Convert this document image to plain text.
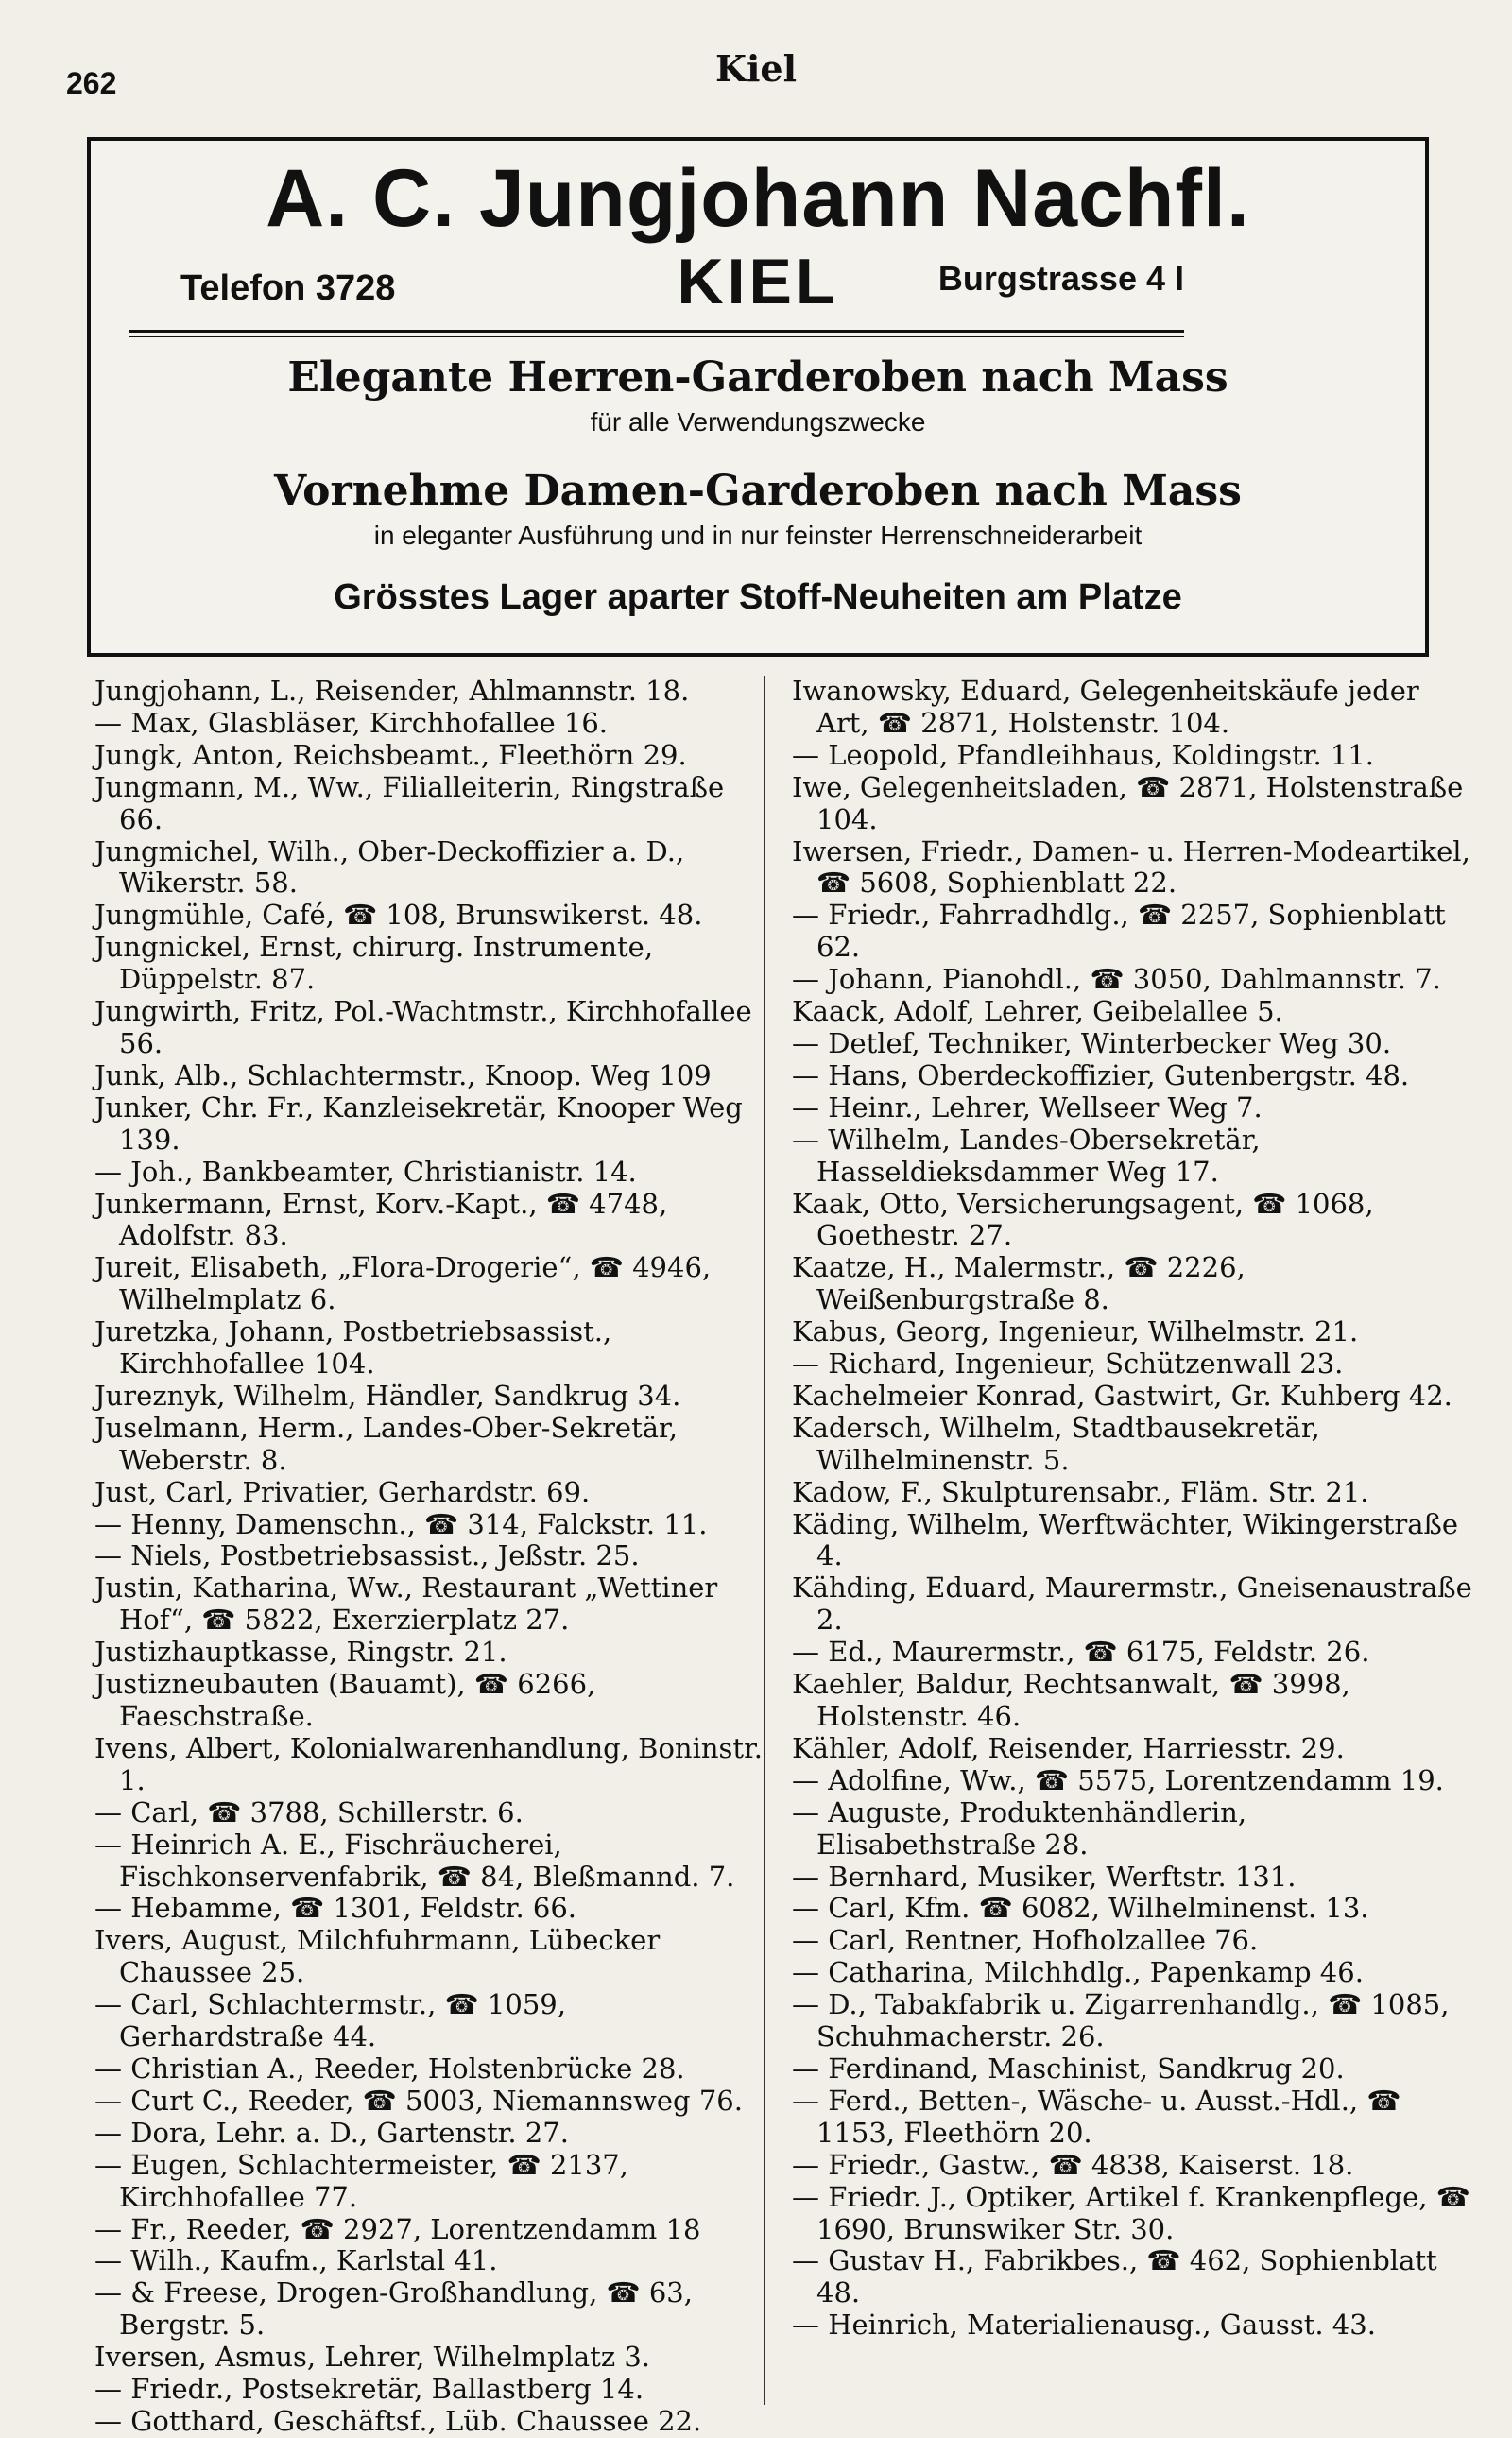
262	Kiel
A. C. Jungjohann Nachfl.
Telefon 3728	KIEL	Burgstrasse 4 I
Elegante Herren-Garderoben nach Mass
für alle Verwendungszwecke
Vornehme Damen-Garderoben nach Mass
in eleganter Ausführung und in nur feinster Herrenschneiderarbeit
Grösstes Lager aparter Stoff-Neuheiten am Platze
Jungjohann, L., Reisender, Ahlmannstr. 18.
— Max, Glasbläser, Kirchhofallee 16.
Jungk, Anton, Reichsbeamt., Fleethörn 29.
Jungmann, M., Ww., Filialleiterin, Ringstraße 66.
Jungmichel, Wilh., Ober-Deckoffizier a. D., Wikerstr. 58.
Jungmühle, Café, ☎ 108, Brunswikerst. 48.
Jungnickel, Ernst, chirurg. Instrumente, Düppelstr. 87.
Jungwirth, Fritz, Pol.-Wachtmstr., Kirchhofallee 56.
Junk, Alb., Schlachtermstr., Knoop. Weg 109
Junker, Chr. Fr., Kanzleisekretär, Knooper Weg 139.
— Joh., Bankbeamter, Christianistr. 14.
Junkermann, Ernst, Korv.-Kapt., ☎ 4748, Adolfstr. 83.
Jureit, Elisabeth, „Flora-Drogerie“, ☎ 4946, Wilhelmplatz 6.
Juretzka, Johann, Postbetriebsassist., Kirchhofallee 104.
Jureznyk, Wilhelm, Händler, Sandkrug 34.
Juselmann, Herm., Landes-Ober-Sekretär, Weberstr. 8.
Just, Carl, Privatier, Gerhardstr. 69.
— Henny, Damenschn., ☎ 314, Falckstr. 11.
— Niels, Postbetriebsassist., Jeßstr. 25.
Justin, Katharina, Ww., Restaurant „Wettiner Hof“, ☎ 5822, Exerzierplatz 27.
Justizhauptkasse, Ringstr. 21.
Justizneubauten (Bauamt), ☎ 6266, Faeschstraße.
Ivens, Albert, Kolonialwarenhandlung, Boninstr. 1.
— Carl, ☎ 3788, Schillerstr. 6.
— Heinrich A. E., Fischräucherei, Fischkonservenfabrik, ☎ 84, Bleßmannd. 7.
— Hebamme, ☎ 1301, Feldstr. 66.
Ivers, August, Milchfuhrmann, Lübecker Chaussee 25.
— Carl, Schlachtermstr., ☎ 1059, Gerhardstraße 44.
— Christian A., Reeder, Holstenbrücke 28.
— Curt C., Reeder, ☎ 5003, Niemannsweg 76.
— Dora, Lehr. a. D., Gartenstr. 27.
— Eugen, Schlachtermeister, ☎ 2137, Kirchhofallee 77.
— Fr., Reeder, ☎ 2927, Lorentzendamm 18
— Wilh., Kaufm., Karlstal 41.
— & Freese, Drogen-Großhandlung, ☎ 63, Bergstr. 5.
Iversen, Asmus, Lehrer, Wilhelmplatz 3.
— Friedr., Postsekretär, Ballastberg 14.
— Gotthard, Geschäftsf., Lüb. Chaussee 22.
Iwanowsky, Eduard, Gelegenheitskäufe jeder Art, ☎ 2871, Holstenstr. 104.
— Leopold, Pfandleihhaus, Koldingstr. 11.
Iwe, Gelegenheitsladen, ☎ 2871, Holstenstraße 104.
Iwersen, Friedr., Damen- u. Herren-Modeartikel, ☎ 5608, Sophienblatt 22.
— Friedr., Fahrradhdlg., ☎ 2257, Sophienblatt 62.
— Johann, Pianohdl., ☎ 3050, Dahlmannstr. 7.
Kaack, Adolf, Lehrer, Geibelallee 5.
— Detlef, Techniker, Winterbecker Weg 30.
— Hans, Oberdeckoffizier, Gutenbergstr. 48.
— Heinr., Lehrer, Wellseer Weg 7.
— Wilhelm, Landes-Obersekretär, Hasseldieksdammer Weg 17.
Kaak, Otto, Versicherungsagent, ☎ 1068, Goethestr. 27.
Kaatze, H., Malermstr., ☎ 2226, Weißenburgstraße 8.
Kabus, Georg, Ingenieur, Wilhelmstr. 21.
— Richard, Ingenieur, Schützenwall 23.
Kachelmeier Konrad, Gastwirt, Gr. Kuhberg 42.
Kadersch, Wilhelm, Stadtbausekretär, Wilhelminenstr. 5.
Kadow, F., Skulpturensabr., Fläm. Str. 21.
Käding, Wilhelm, Werftwächter, Wikingerstraße 4.
Kähding, Eduard, Maurermstr., Gneisenaustraße 2.
— Ed., Maurermstr., ☎ 6175, Feldstr. 26.
Kaehler, Baldur, Rechtsanwalt, ☎ 3998, Holstenstr. 46.
Kähler, Adolf, Reisender, Harriesstr. 29.
— Adolfine, Ww., ☎ 5575, Lorentzendamm 19.
— Auguste, Produktenhändlerin, Elisabethstraße 28.
— Bernhard, Musiker, Werftstr. 131.
— Carl, Kfm. ☎ 6082, Wilhelminenst. 13.
— Carl, Rentner, Hofholzallee 76.
— Catharina, Milchhdlg., Papenkamp 46.
— D., Tabakfabrik u. Zigarrenhandlg., ☎ 1085, Schuhmacherstr. 26.
— Ferdinand, Maschinist, Sandkrug 20.
— Ferd., Betten-, Wäsche- u. Ausst.-Hdl., ☎ 1153, Fleethörn 20.
— Friedr., Gastw., ☎ 4838, Kaiserst. 18.
— Friedr. J., Optiker, Artikel f. Krankenpflege, ☎ 1690, Brunswiker Str. 30.
— Gustav H., Fabrikbes., ☎ 462, Sophienblatt 48.
— Heinrich, Materialienausg., Gausst. 43.
